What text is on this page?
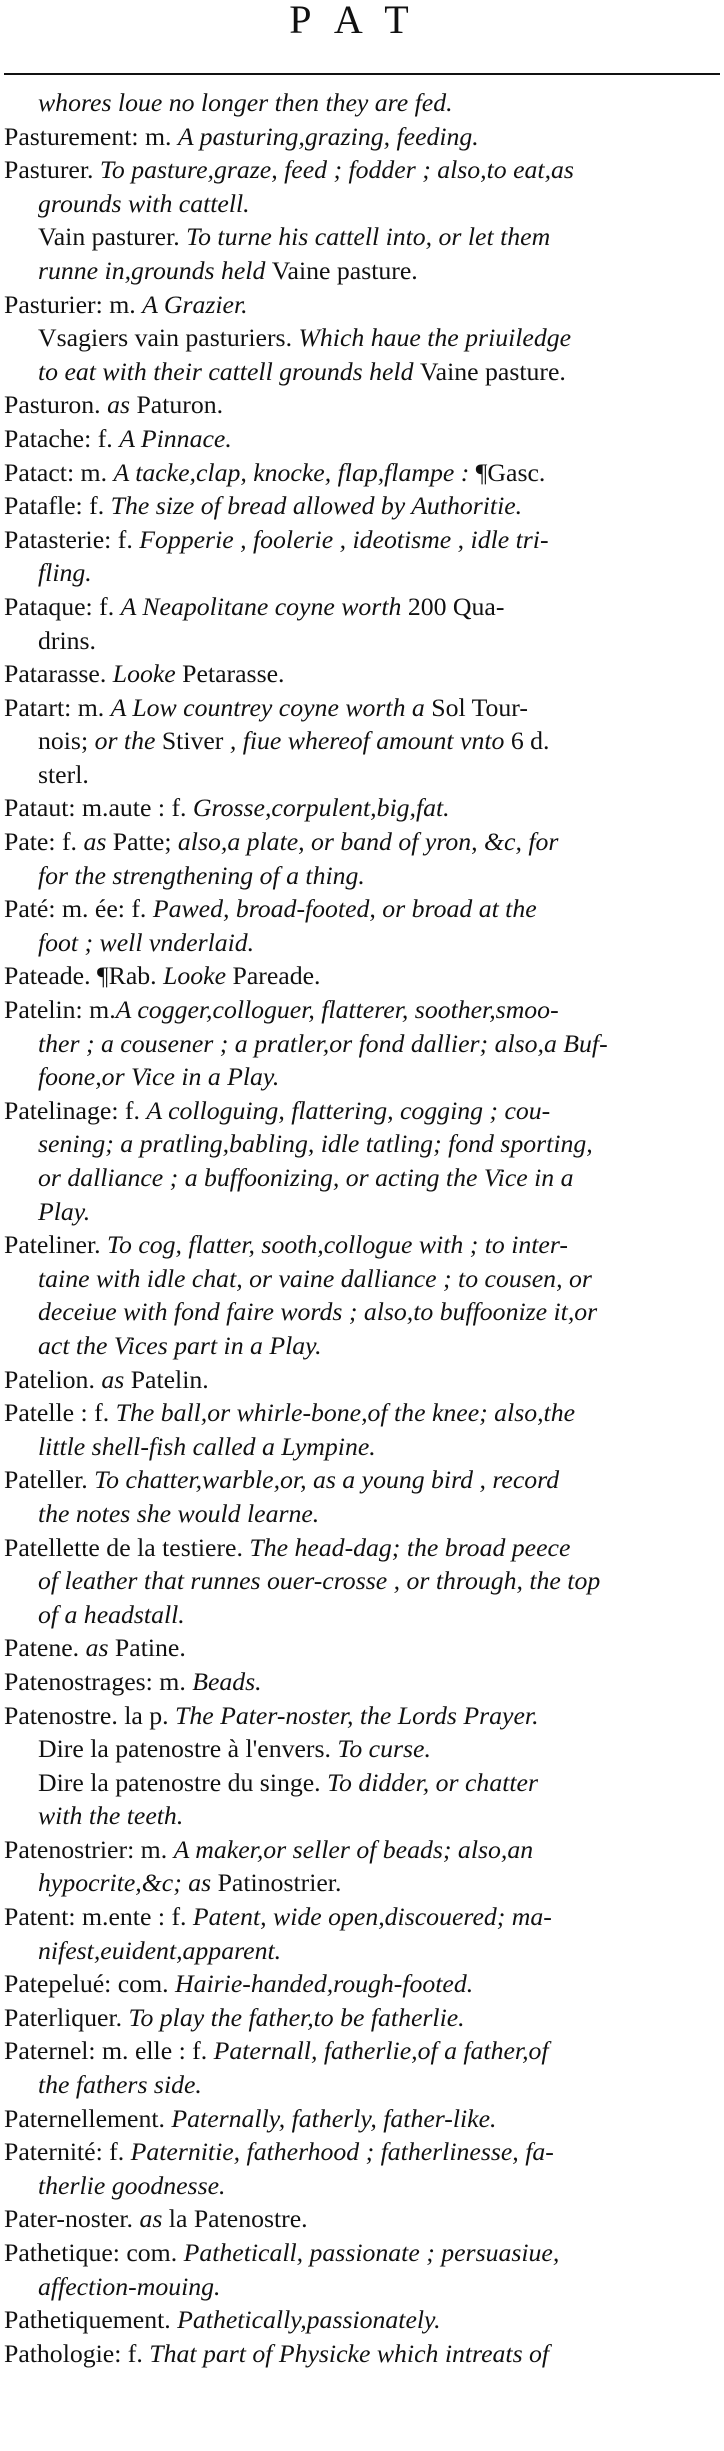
PAT
whores loue no longer then they are fed.
Pasturement: m. A pasturing,grazing, feeding.
Pasturer. To pasture,graze, feed ; fodder ; also,to eat,as
grounds with cattell.
Vain pasturer. To turne his cattell into, or let them
runne in,grounds held Vaine pasture.
Pasturier: m. A Grazier.
Vsagiers vain pasturiers. Which haue the priuiledge
to eat with their cattell grounds held Vaine pasture.
Pasturon. as Paturon.
Patache: f. A Pinnace.
Patact: m. A tacke,clap, knocke, flap,flampe : ¶Gasc.
Patafle: f. The size of bread allowed by Authoritie.
Patasterie: f. Fopperie , foolerie , ideotisme , idle tri-
fling.
Pataque: f. A Neapolitane coyne worth 200 Qua-
drins.
Patarasse. Looke Petarasse.
Patart: m. A Low countrey coyne worth a Sol Tour-
nois; or the Stiver , fiue whereof amount vnto 6 d.
sterl.
Pataut: m.aute : f. Grosse,corpulent,big,fat.
Pate: f. as Patte; also,a plate, or band of yron, &c, for
for the strengthening of a thing.
Paté: m. ée: f. Pawed, broad-footed, or broad at the
foot ; well vnderlaid.
Pateade. ¶Rab. Looke Pareade.
Patelin: m.A cogger,colloguer, flatterer, soother,smoo-
ther ; a cousener ; a pratler,or fond dallier; also,a Buf-
foone,or Vice in a Play.
Patelinage: f. A colloguing, flattering, cogging ; cou-
sening; a pratling,babling, idle tatling; fond sporting,
or dalliance ; a buffoonizing, or acting the Vice in a
Play.
Pateliner. To cog, flatter, sooth,collogue with ; to inter-
taine with idle chat, or vaine dalliance ; to cousen, or
deceiue with fond faire words ; also,to buffoonize it,or
act the Vices part in a Play.
Patelion. as Patelin.
Patelle : f. The ball,or whirle-bone,of the knee; also,the
little shell-fish called a Lympine.
Pateller. To chatter,warble,or, as a young bird , record
the notes she would learne.
Patellette de la testiere. The head-dag; the broad peece
of leather that runnes ouer-crosse , or through, the top
of a headstall.
Patene. as Patine.
Patenostrages: m. Beads.
Patenostre. la p. The Pater-noster, the Lords Prayer.
Dire la patenostre à l'envers. To curse.
Dire la patenostre du singe. To didder, or chatter
with the teeth.
Patenostrier: m. A maker,or seller of beads; also,an
hypocrite,&c; as Patinostrier.
Patent: m.ente : f. Patent, wide open,discouered; ma-
nifest,euident,apparent.
Patepelué: com. Hairie-handed,rough-footed.
Paterliquer. To play the father,to be fatherlie.
Paternel: m. elle : f. Paternall, fatherlie,of a father,of
the fathers side.
Paternellement. Paternally, fatherly, father-like.
Paternité: f. Paternitie, fatherhood ; fatherlinesse, fa-
therlie goodnesse.
Pater-noster. as la Patenostre.
Pathetique: com. Patheticall, passionate ; persuasiue,
affection-mouing.
Pathetiquement. Pathetically,passionately.
Pathologie: f. That part of Physicke which intreats of
